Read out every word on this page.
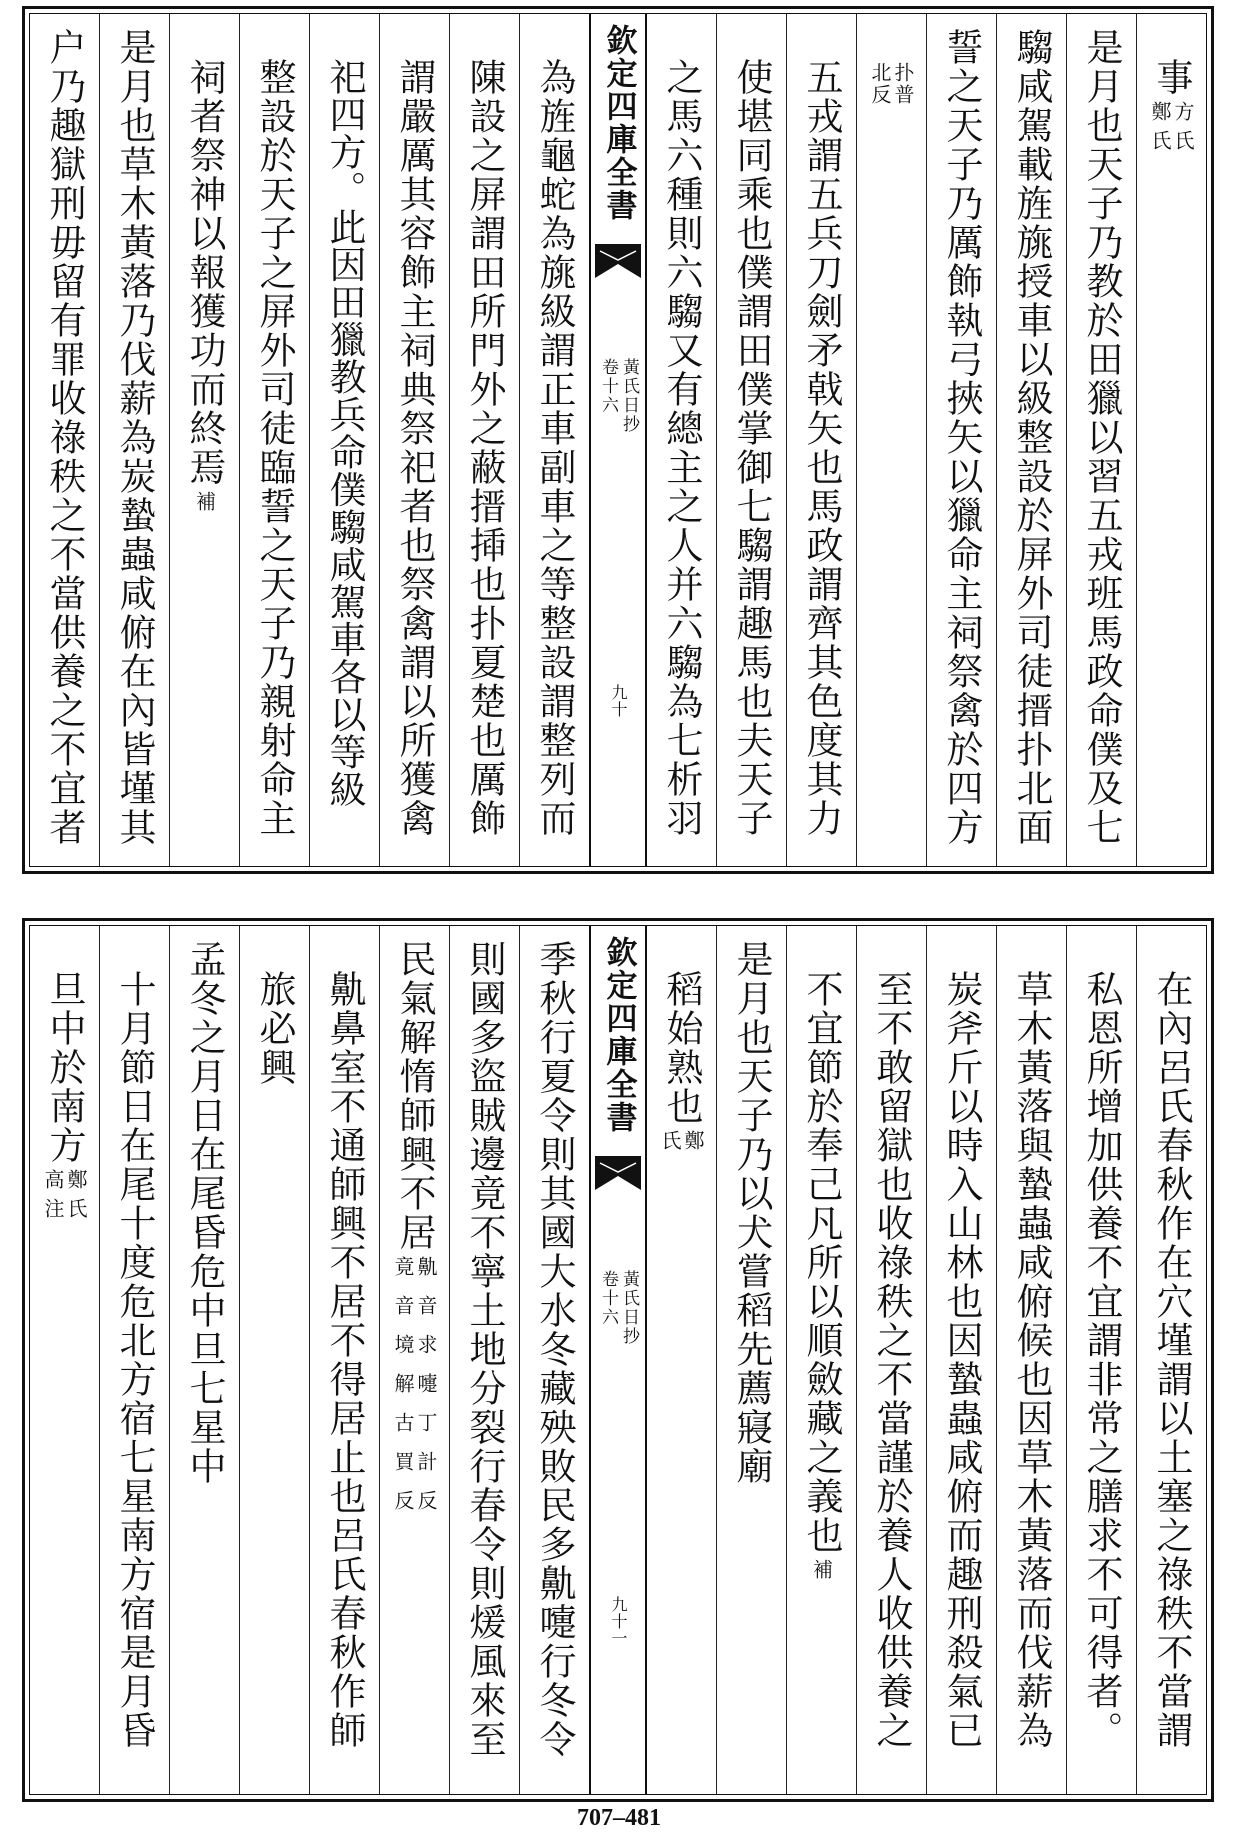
事
方氏
鄭氏
是月也天子乃教於田獵以習五戎班馬政命僕及七
騶咸駕載旌旐授車以級整設於屏外司徒搢扑北面
誓之天子乃厲飾執弓挾矢以獵命主祠祭禽於四方
扑普
北反
五戎謂五兵刀劍矛戟矢也馬政謂齊其色度其力
使堪同乘也僕謂田僕掌御七騶謂趣馬也夫天子
之馬六種則六騶又有總主之人并六騶為七析羽
欽定四庫全書
黃氏日抄
卷十六
九十
為旌龜蛇為旐級謂正車副車之等整設謂整列而
陳設之屏謂田所門外之蔽搢揷也扑夏楚也厲飾
謂嚴厲其容飾主祠典祭祀者也祭禽謂以所獲禽
祀四方。此因田獵教兵命僕騶咸駕車各以等級
整設於天子之屏外司徒臨誓之天子乃親射命主
祠者祭神以報獲功而終焉
補
是月也草木黃落乃伐薪為炭蟄蟲咸俯在內皆墐其
户乃趣獄刑毋留有罪收祿秩之不當供養之不宜者
在內呂氏春秋作在穴墐謂以土塞之祿秩不當謂
私恩所增加供養不宜謂非常之膳求不可得者。
草木黃落與蟄蟲咸俯候也因草木黃落而伐薪為
炭斧斤以時入山林也因蟄蟲咸俯而趣刑殺氣已
至不敢留獄也收祿秩之不當謹於養人收供養之
不宜節於奉己凡所以順斂藏之義也
補
是月也天子乃以犬嘗稻先薦寢廟
稻始熟也
鄭
氏
欽定四庫全書
黃氏日抄
卷十六
九十一
季秋行夏令則其國大水冬藏殃敗民多鼽嚏行冬令
則國多盜賊邊竟不寧土地分裂行春令則煖風來至
民氣解惰師興不居
鼽音求嚏丁計反
竟音境解古買反
鼽鼻室不通師興不居不得居止也呂氏春秋作師
旅必興
孟冬之月日在尾昏危中旦七星中
十月節日在尾十度危北方宿七星南方宿是月昏
旦中於南方
鄭氏
高注
707–481
